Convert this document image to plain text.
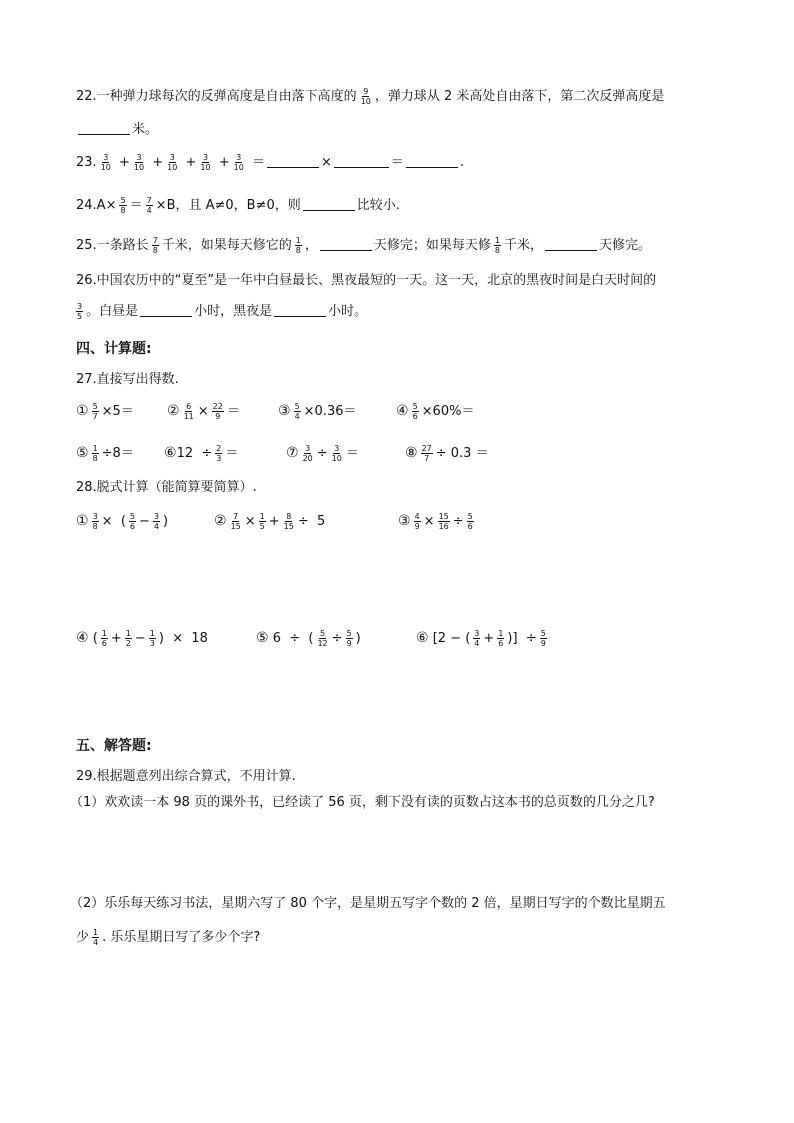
22.一种弹力球每次的反弹高度是自由落下高度的 $\frac{9}{10}$ ，弹力球从 2 米高处自由落下，第二次反弹高度是
米。
23. $\frac{3}{10} + \frac{3}{10} + \frac{3}{10} + \frac{3}{10} + \frac{3}{10}$ ＝	×	＝	.
$24.A\times \frac{5}{8} = \frac{7}{4} \times B$，且 A≠0，B≠0，则	比较小.
25.一条路长 $\frac{7}{8}$ 千米，如果每天修它的 $\frac{1}{8}$ ，	天修完；如果每天修 $\frac{1}{8}$ 千米，	天修完。
26.中国农历中的“夏至”是一年中白昼最长、黑夜最短的一天。这一天，北京的黑夜时间是白天时间的
$\frac{3}{5}$ 。白昼是	小时，黑夜是	小时。
四、计算题:
27.直接写出得数.
① $\frac{5}{7} \times 5=$ ② $\frac{6}{11} \times \frac{22}{9}$ ＝	③ $\frac{5}{4} \times 0.36=$	④ $\frac{5}{6} \times 60\%=$
⑤ $\frac{1}{8} \div 8=$ ⑥12  ÷ $\frac{2}{3}$ ＝	⑦ $\frac{3}{20} \div \frac{3}{10}$ ＝	⑧ $\frac{27}{7} \div 0.3$ ＝
28.脱式计算（能简算要简算）.
① $\frac{3}{8}$ ×  ( $\frac{5}{6} - \frac{3}{4}$ )	② $\frac{7}{15} \times \frac{1}{5} + \frac{8}{15} \div 5$	③ $\frac{4}{9} \times \frac{15}{16} \div \frac{5}{6}$
④ ( $\frac{1}{6} + \frac{1}{2} - \frac{1}{3}$ )  ×  18	⑤ 6  ÷  ( $\frac{5}{12} \div \frac{5}{9}$ )	⑥ [2 − ( $\frac{3}{4} + \frac{1}{6}$ )]  ÷ $\frac{5}{9}$
五、解答题:
29.根据题意列出综合算式，不用计算.
（1）欢欢读一本 98 页的课外书，已经读了 56 页，剩下没有读的页数占这本书的总页数的几分之几?
（2）乐乐每天练习书法，星期六写了 80 个字，是星期五写字个数的 2 倍，星期日写字的个数比星期五
少 $\frac{1}{4}$ . 乐乐星期日写了多少个字?
